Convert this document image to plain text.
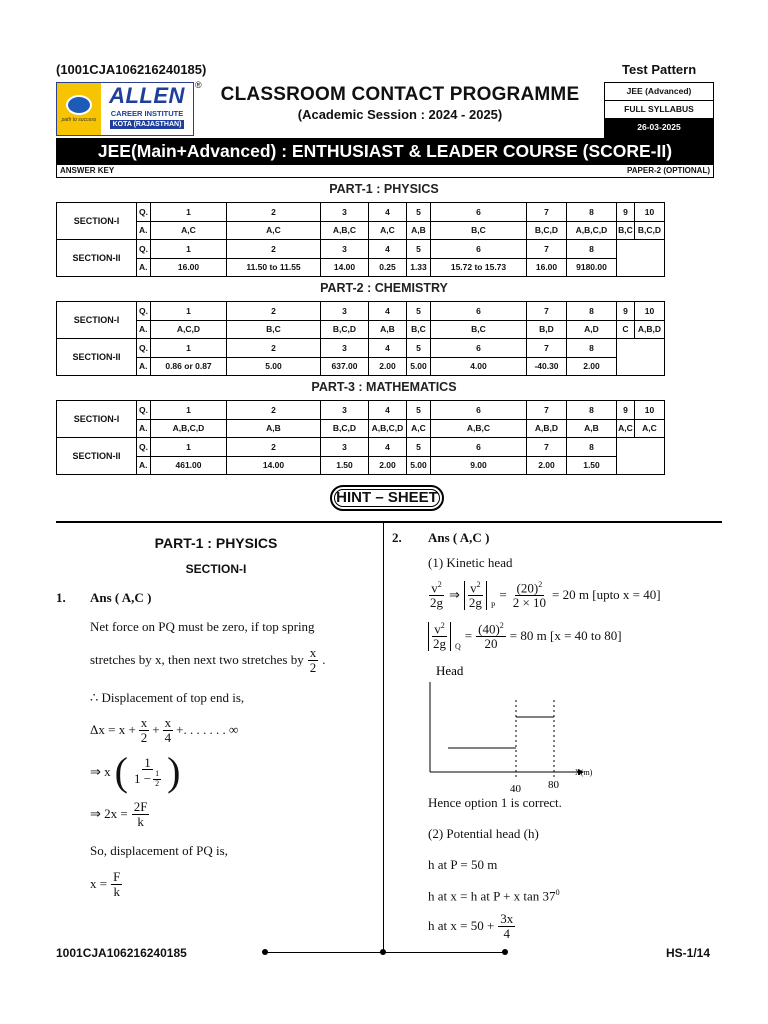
(1001CJA106216240185)	Test Pattern
path to success
ALLEN
CAREER INSTITUTE
KOTA (RAJASTHAN)
®	CLASSROOM CONTACT PROGRAMME
(Academic Session : 2024 - 2025)
JEE (Advanced)
FULL SYLLABUS
26-03-2025
JEE(Main+Advanced) : ENTHUSIAST & LEADER COURSE (SCORE-II)
ANSWER KEY	PAPER-2 (OPTIONAL)
PART-1 : PHYSICS
SECTION-I	Q.	1	2	3	4	5	6	7	8	9	10
	A.	A,C	A,C	A,B,C	A,C	A,B	B,C	B,C,D	A,B,C,D	B,C	B,C,D
SECTION-II	Q.	1	2	3	4	5	6	7	8		
	A.	16.00	11.50 to 11.55	14.00	0.25	1.33	15.72 to 15.73	16.00	9180.00		
PART-2 : CHEMISTRY
SECTION-I	Q.	1	2	3	4	5	6	7	8	9	10
	A.	A,C,D	B,C	B,C,D	A,B	B,C	B,C	B,D	A,D	C	A,B,D
SECTION-II	Q.	1	2	3	4	5	6	7	8		
	A.	0.86 or 0.87	5.00	637.00	2.00	5.00	4.00	-40.30	2.00		
PART-3 : MATHEMATICS
SECTION-I	Q.	1	2	3	4	5	6	7	8	9	10
	A.	A,B,C,D	A,B	B,C,D	A,B,C,D	A,C	A,B,C	A,B,D	A,B	A,C	A,C
SECTION-II	Q.	1	2	3	4	5	6	7	8		
	A.	461.00	14.00	1.50	2.00	5.00	9.00	2.00	1.50		
HINT – SHEET
PART-1 : PHYSICS
SECTION-I
1. Ans ( A,C )
Net force on PQ must be zero, if top spring
stretches by x, then next two stretches by $\frac{x}{2}$ .
∴ Displacement of top end is,
$\Delta x = x + \frac{x}{2} + \frac{x}{4}$ +. . . . . . . ∞
⇒ x ( $\frac{1}{1 - \frac{1}{2}}$ )
⇒ $2x = \frac{2F}{k}$
So, displacement of PQ is,
$x = \frac{F}{k}$
2. Ans ( A,C )
(1) Kinetic head
$\frac{v^2}{2g}$ ⇒ $\frac{v^2}{2g} _P$
= $\frac{(20)^2}{2 \times 10} = 20$ m [upto x = 40]
$\frac{v^2}{2g} _Q$
= $\frac{(40)^2}{20} = 80$ m [x = 40 to 80]
Head
X(m)
40 80
Hence option 1 is correct.
(2) Potential head (h)
h at P = 50 m
h at x = h at P + x $\tan 37^0$
h at $x = 50 + \frac{3x}{4}$
1001CJA106216240185	HS-1/14
